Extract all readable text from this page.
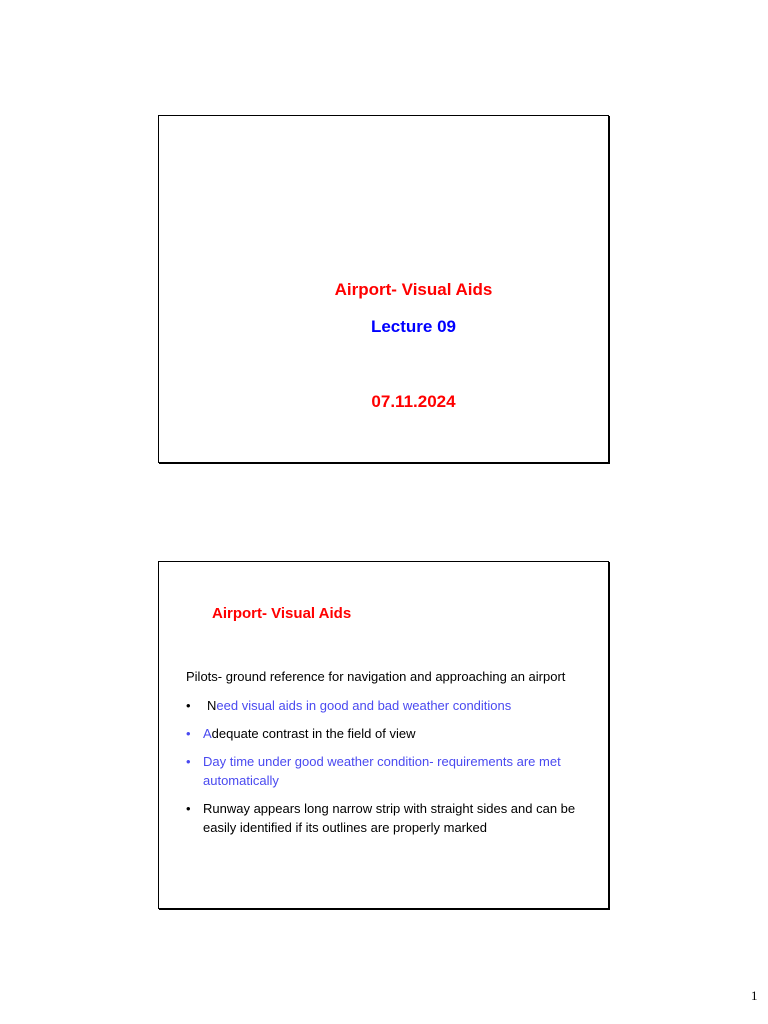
Airport- Visual Aids
Lecture 09
07.11.2024
Airport- Visual Aids
Pilots- ground reference for navigation and approaching an airport
• Need visual aids in good and bad weather conditions
• Adequate contrast in the field of view
• Day time under good weather condition- requirements are met automatically
• Runway appears long narrow strip with straight sides and can be easily identified if its outlines are properly marked
1
